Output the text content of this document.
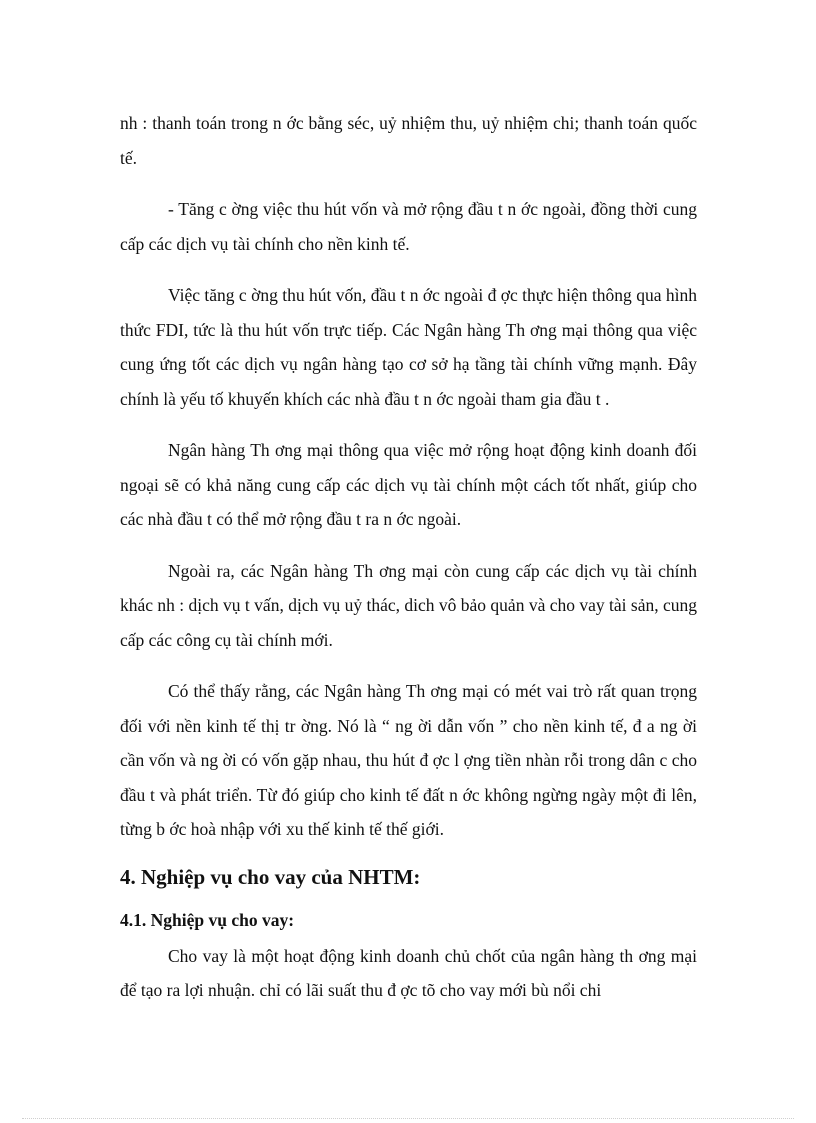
nh : thanh toán trong n ớc bằng séc, uỷ nhiệm thu, uỷ nhiệm chi; thanh toán quốc tế.

- Tăng c ờng việc thu hút vốn và mở rộng đầu t n ớc ngoài, đồng thời cung cấp các dịch vụ tài chính cho nền kinh tế.

Việc tăng c ờng thu hút vốn, đầu t n ớc ngoài đ ợc thực hiện thông qua hình thức FDI, tức là thu hút vốn trực tiếp. Các Ngân hàng Th ơng mại thông qua việc cung ứng tốt các dịch vụ ngân hàng tạo cơ sở hạ tầng tài chính vững mạnh. Đây chính là yếu tố khuyến khích các nhà đầu t n ớc ngoài tham gia đầu t .

Ngân hàng Th ơng mại thông qua việc mở rộng hoạt động kinh doanh đối ngoại sẽ có khả năng cung cấp các dịch vụ tài chính một cách tốt nhất, giúp cho các nhà đầu t có thể mở rộng đầu t ra n ớc ngoài.

Ngoài ra, các Ngân hàng Th ơng mại còn cung cấp các dịch vụ tài chính khác nh : dịch vụ t vấn, dịch vụ uỷ thác, dich vô bảo quản và cho vay tài sản, cung cấp các công cụ tài chính mới.

Có thể thấy rằng, các Ngân hàng Th ơng mại có mét vai trò rất quan trọng đối với nền kinh tế thị tr ờng. Nó là “ ng ời dẫn vốn ” cho nền kinh tế, đ a ng ời cần vốn và ng ời có vốn gặp nhau, thu hút đ ợc l ợng tiền nhàn rỗi trong dân c cho đầu t và phát triển. Từ đó giúp cho kinh tế đất n ớc không ngừng ngày một đi lên, từng b ớc hoà nhập với xu thế kinh tế thế giới.

4. Nghiệp vụ cho vay của NHTM:
4.1. Nghiệp vụ cho vay:

Cho vay là một hoạt động kinh doanh chủ chốt của ngân hàng th ơng mại để tạo ra lợi nhuận. chỉ có lãi suất thu đ ợc tõ cho vay mới bù nổi chi
